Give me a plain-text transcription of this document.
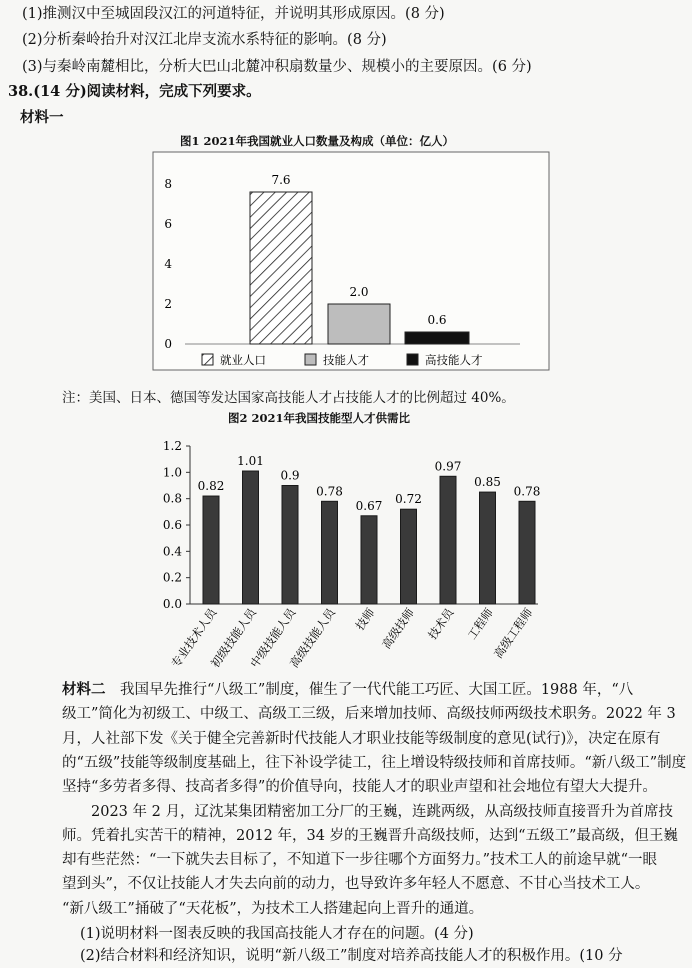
(1)推测汉中至城固段汉江的河道特征，并说明其形成原因。(8 分)
(2)分析秦岭抬升对汉江北岸支流水系特征的影响。(8 分)
(3)与秦岭南麓相比，分析大巴山北麓冲积扇数量少、规模小的主要原因。(6 分)
38.(14 分)阅读材料，完成下列要求。
材料一
图1 2021年我国就业人口数量及构成（单位：亿人）
0
2
4
6
8	7.6
2.0
0.6
就业人口	技能人才	高技能人才
注：美国、日本、德国等发达国家高技能人才占技能人才的比例超过 40%。
图2 2021年我国技能型人才供需比
0.0
0.2
0.4
0.6
0.8
1.0
1.2
0.82
1.01
0.9
0.78
0.67 0.72
0.97
0.85
0.78
专业技术人员
初级技能人员
中级技能人员
高级技能人员 技师 高级技师 技术员 工程师
高级工程师
材料二　我国早先推行“八级工”制度，催生了一代代能工巧匠、大国工匠。1988 年，“八
级工”简化为初级工、中级工、高级工三级，后来增加技师、高级技师两级技术职务。2022 年 3
月，人社部下发《关于健全完善新时代技能人才职业技能等级制度的意见(试行)》，决定在原有
的“五级”技能等级制度基础上，往下补设学徒工，往上增设特级技师和首席技师。“新八级工”制度
坚持“多劳者多得、技高者多得”的价值导向，技能人才的职业声望和社会地位有望大大提升。
　　2023 年 2 月，辽沈某集团精密加工分厂的王巍，连跳两级，从高级技师直接晋升为首席技
师。凭着扎实苦干的精神，2012 年，34 岁的王巍晋升高级技师，达到“五级工”最高级，但王巍
却有些茫然：“一下就失去目标了，不知道下一步往哪个方面努力。”技术工人的前途早就“一眼
望到头”，不仅让技能人才失去向前的动力，也导致许多年轻人不愿意、不甘心当技术工人。
“新八级工”捅破了“天花板”，为技术工人搭建起向上晋升的通道。
(1)说明材料一图表反映的我国高技能人才存在的问题。(4 分)
(2)结合材料和经济知识，说明“新八级工”制度对培养高技能人才的积极作用。(10 分
